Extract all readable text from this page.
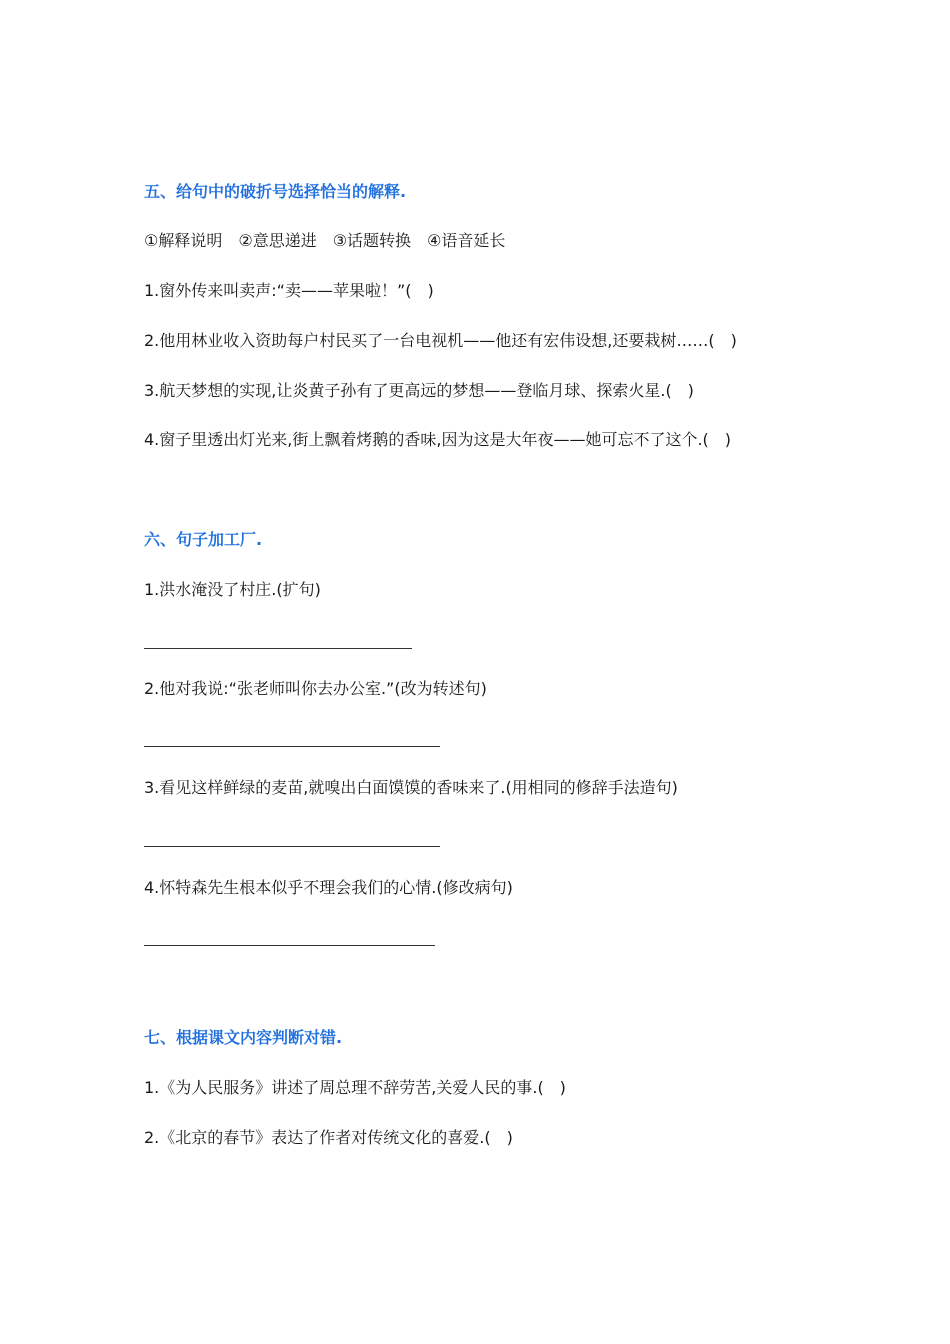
五、给句中的破折号选择恰当的解释.
①解释说明　②意思递进　③话题转换　④语音延长
1.窗外传来叫卖声:“卖——苹果啦！”(　)
2.他用林业收入资助每户村民买了一台电视机——他还有宏伟设想,还要栽树……(　)
3.航天梦想的实现,让炎黄子孙有了更高远的梦想——登临月球、探索火星.(　)
4.窗子里透出灯光来,街上飘着烤鹅的香味,因为这是大年夜——她可忘不了这个.(　)
六、句子加工厂.
1.洪水淹没了村庄.(扩句)
2.他对我说:“张老师叫你去办公室.”(改为转述句)
3.看见这样鲜绿的麦苗,就嗅出白面馍馍的香味来了.(用相同的修辞手法造句)
4.怀特森先生根本似乎不理会我们的心情.(修改病句)
七、根据课文内容判断对错.
1.《为人民服务》讲述了周总理不辞劳苦,关爱人民的事.(　)
2.《北京的春节》表达了作者对传统文化的喜爱.(　)
